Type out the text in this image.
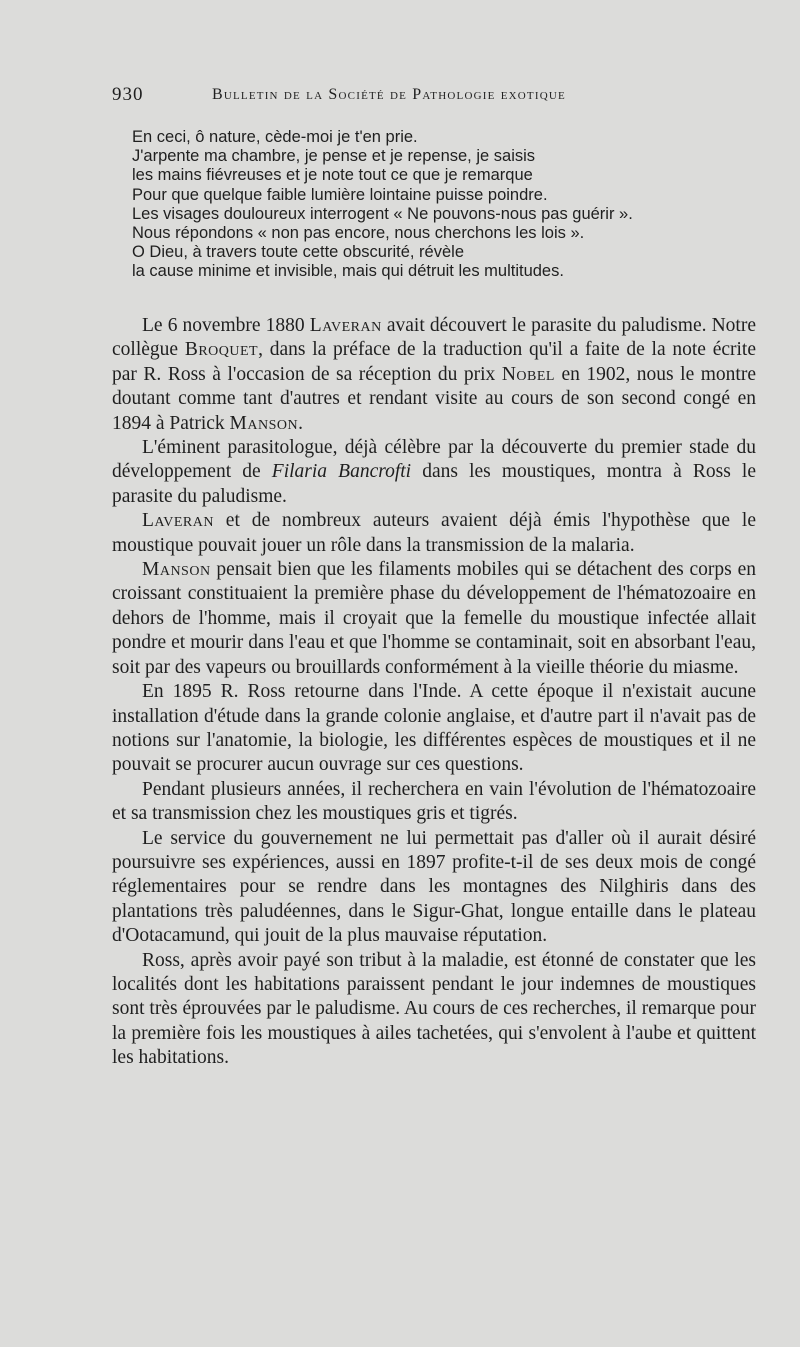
930	Bulletin de la Société de Pathologie exotique
En ceci, ô nature, cède-moi je t'en prie.
J'arpente ma chambre, je pense et je repense, je saisis
les mains fiévreuses et je note tout ce que je remarque
Pour que quelque faible lumière lointaine puisse poindre.
Les visages douloureux interrogent « Ne pouvons-nous pas guérir ».
Nous répondons « non pas encore, nous cherchons les lois ».
O Dieu, à travers toute cette obscurité, révèle
la cause minime et invisible, mais qui détruit les multitudes.

Le 6 novembre 1880 Laveran avait découvert le parasite du paludisme. Notre collègue Broquet, dans la préface de la traduction qu'il a faite de la note écrite par R. Ross à l'occasion de sa réception du prix Nobel en 1902, nous le montre doutant comme tant d'autres et rendant visite au cours de son second congé en 1894 à Patrick Manson.

L'éminent parasitologue, déjà célèbre par la découverte du premier stade du développement de Filaria Bancrofti dans les moustiques, montra à Ross le parasite du paludisme.

Laveran et de nombreux auteurs avaient déjà émis l'hypothèse que le moustique pouvait jouer un rôle dans la transmission de la malaria.

Manson pensait bien que les filaments mobiles qui se détachent des corps en croissant constituaient la première phase du développement de l'hématozoaire en dehors de l'homme, mais il croyait que la femelle du moustique infectée allait pondre et mourir dans l'eau et que l'homme se contaminait, soit en absorbant l'eau, soit par des vapeurs ou brouillards conformément à la vieille théorie du miasme.

En 1895 R. Ross retourne dans l'Inde. A cette époque il n'existait aucune installation d'étude dans la grande colonie anglaise, et d'autre part il n'avait pas de notions sur l'anatomie, la biologie, les différentes espèces de moustiques et il ne pouvait se procurer aucun ouvrage sur ces questions.

Pendant plusieurs années, il recherchera en vain l'évolution de l'hématozoaire et sa transmission chez les moustiques gris et tigrés.

Le service du gouvernement ne lui permettait pas d'aller où il aurait désiré poursuivre ses expériences, aussi en 1897 profite-t-il de ses deux mois de congé réglementaires pour se rendre dans les montagnes des Nilghiris dans des plantations très paludéennes, dans le Sigur-Ghat, longue entaille dans le plateau d'Ootacamund, qui jouit de la plus mauvaise réputation.

Ross, après avoir payé son tribut à la maladie, est étonné de constater que les localités dont les habitations paraissent pendant le jour indemnes de moustiques sont très éprouvées par le paludisme. Au cours de ces recherches, il remarque pour la première fois les moustiques à ailes tachetées, qui s'envolent à l'aube et quittent les habitations.
